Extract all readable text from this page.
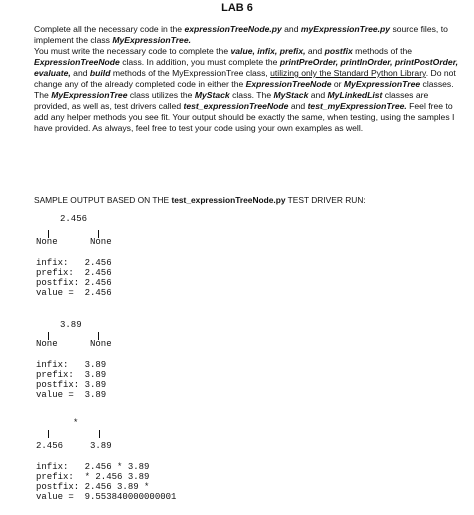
LAB 6

Complete all the necessary code in the expressionTreeNode.py and myExpressionTree.py source files, to implement the class MyExpressionTree.

You must write the necessary code to complete the value, infix, prefix, and postfix methods of the ExpressionTreeNode class. In addition, you must complete the printPreOrder, printInOrder, printPostOrder, evaluate, and build methods of the MyExpressionTree class, utilizing only the Standard Python Library. Do not change any of the already completed code in either the ExpressionTreeNode or MyExpressionTree classes.

The MyExpressionTree class utilizes the MyStack class. The MyStack and MyLinkedList classes are provided, as well as, test drivers called test_expressionTreeNode and test_myExpressionTree. Feel free to add any helper methods you see fit. Your output should be exactly the same, when testing, using the samples I have provided. As always, feel free to test your code using your own examples as well.

SAMPLE OUTPUT BASED ON THE test_expressionTreeNode.py TEST DRIVER RUN:
2.456
None	None
infix:   2.456
prefix:  2.456
postfix: 2.456
value =  2.456
3.89
None	None
infix:   3.89
prefix:  3.89
postfix: 3.89
value =  3.89
*
2.456	3.89
infix:   2.456 * 3.89
prefix:  * 2.456 3.89
postfix: 2.456 3.89 *
value =  9.553840000000001
